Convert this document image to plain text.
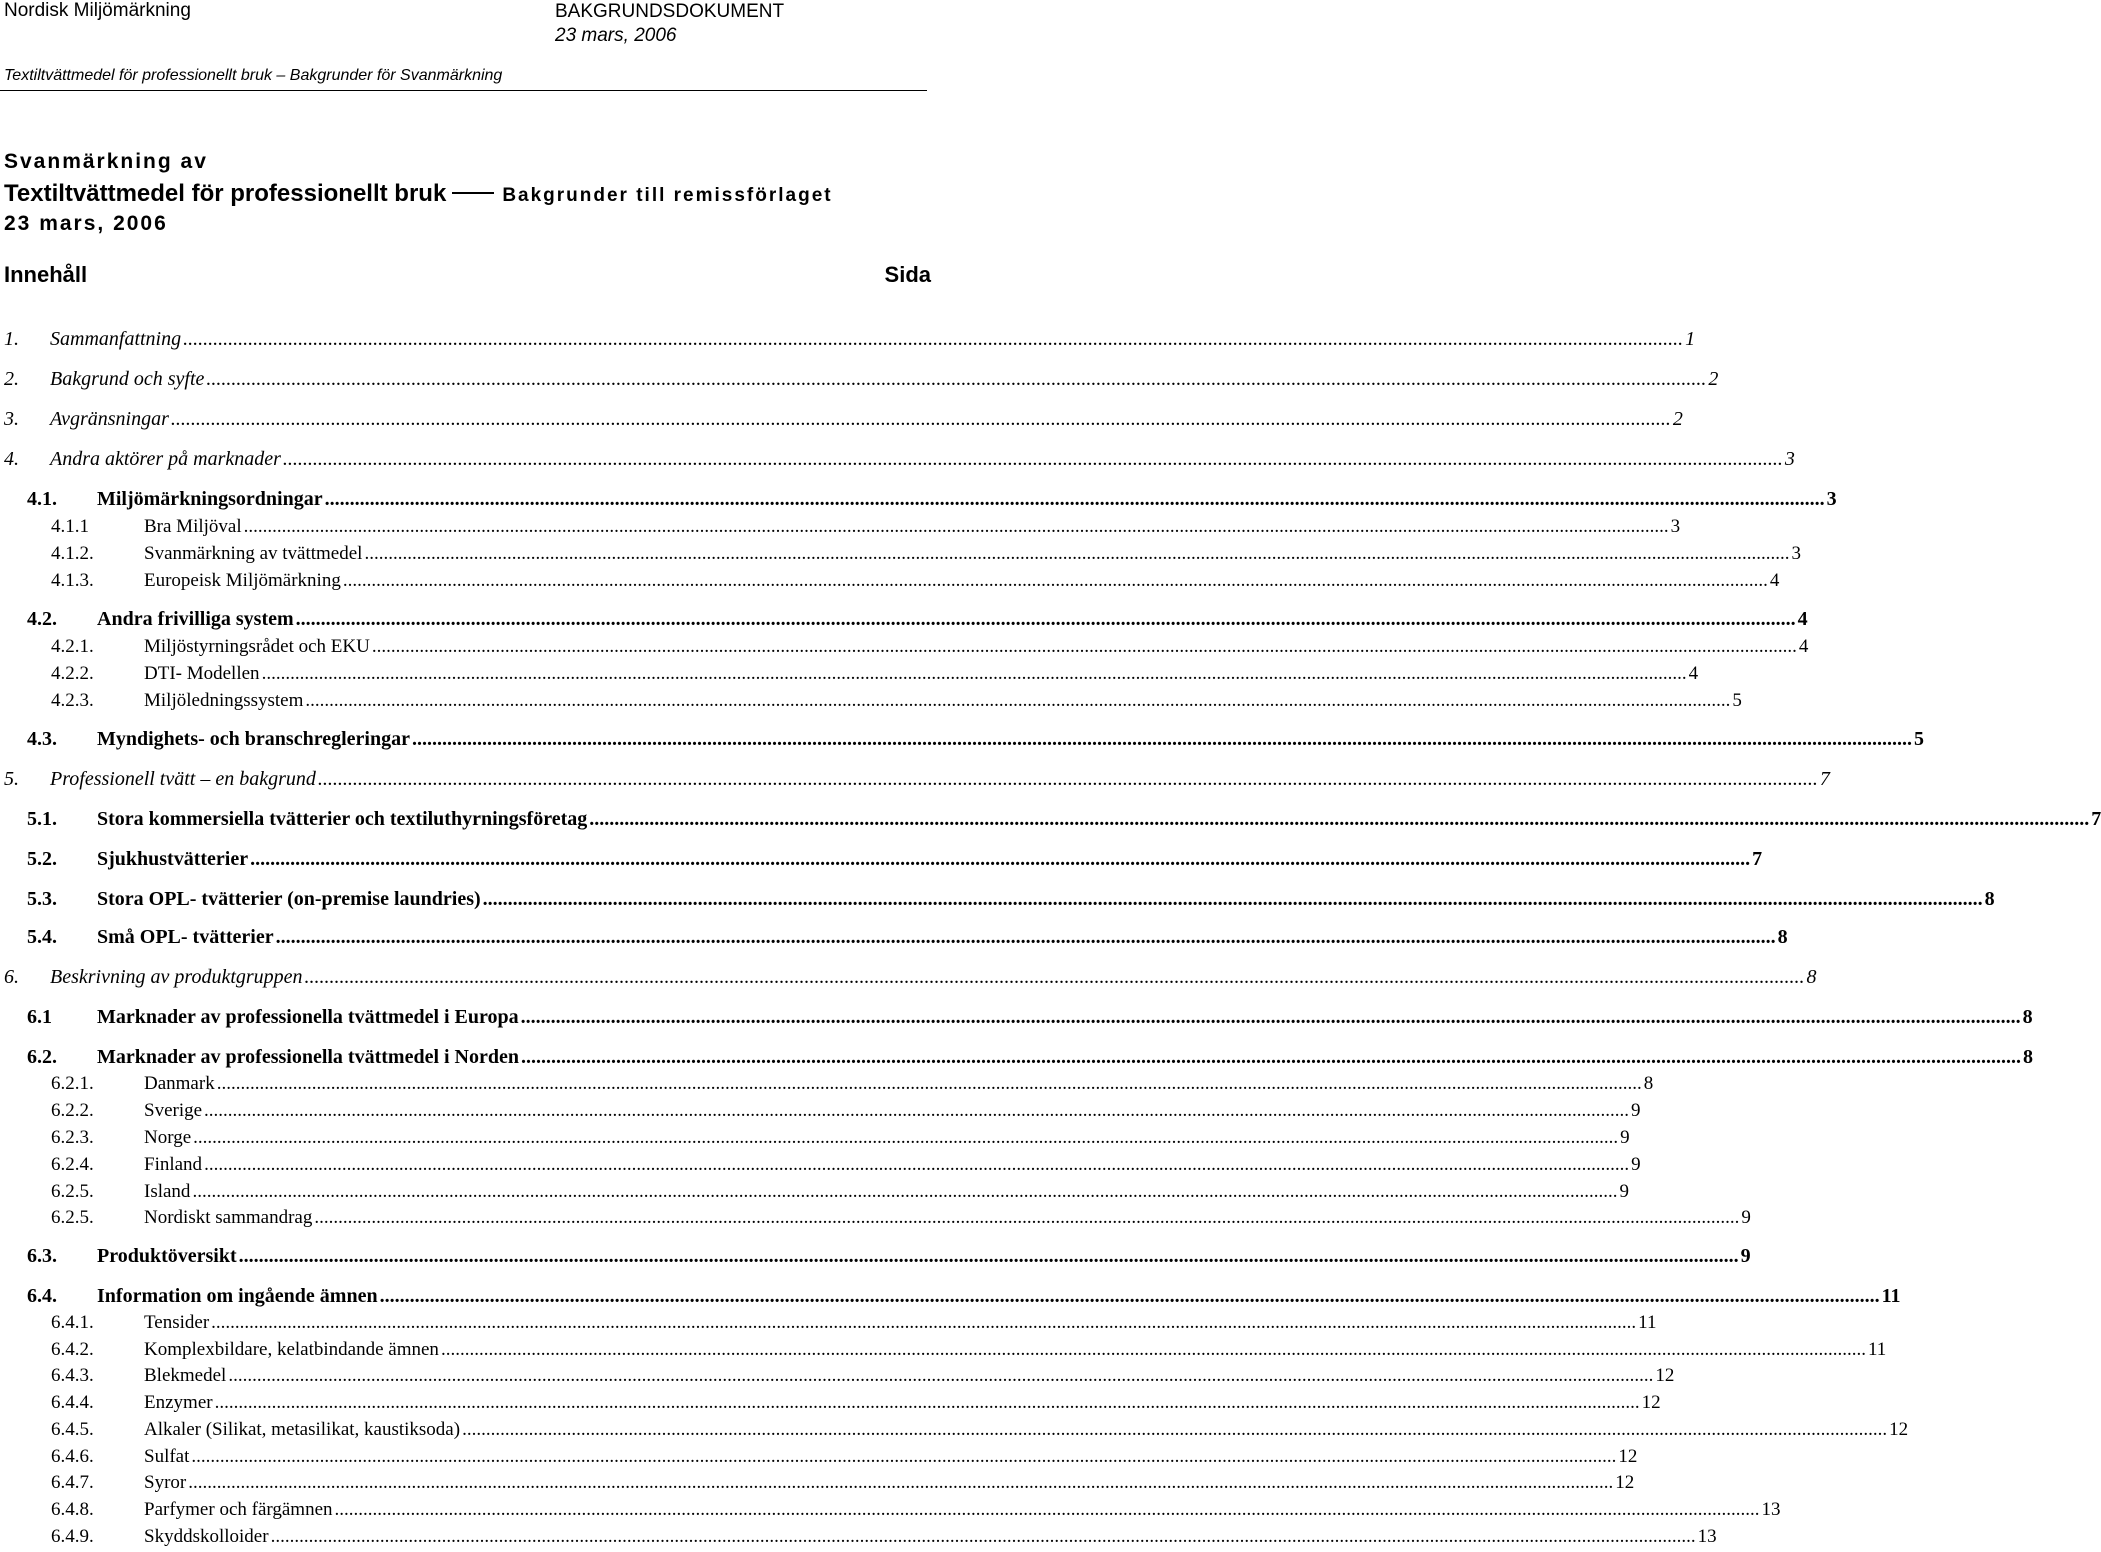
Nordisk Miljömärkning	BAKGRUNDSDOKUMENT
23 mars, 2006
Textiltvättmedel för professionellt bruk – Bakgrunder för Svanmärkning
Svanmärkning av
Textiltvättmedel för professionellt bruk	Bakgrunder till remissförlaget
23 mars, 2006
Innehåll	Sida
1. Sammanfattning ............................................................................................................................................................................................................................................................................................................ 1
2. Bakgrund och syfte ............................................................................................................................................................................................................................................................................................................ 2
3. Avgränsningar ............................................................................................................................................................................................................................................................................................................ 2
4. Andra aktörer på marknader ............................................................................................................................................................................................................................................................................................................ 3
4.1. Miljömärkningsordningar ............................................................................................................................................................................................................................................................................................................ 3
4.1.1	Bra Miljöval ............................................................................................................................................................................................................................................................................................................ 3
4.1.2.	Svanmärkning av tvättmedel ............................................................................................................................................................................................................................................................................................................ 3
4.1.3.	Europeisk Miljömärkning ............................................................................................................................................................................................................................................................................................................ 4
4.2. Andra frivilliga system ............................................................................................................................................................................................................................................................................................................ 4
4.2.1.	Miljöstyrningsrådet och EKU ............................................................................................................................................................................................................................................................................................................ 4
4.2.2.	DTI- Modellen ............................................................................................................................................................................................................................................................................................................ 4
4.2.3.	Miljöledningssystem ............................................................................................................................................................................................................................................................................................................ 5
4.3. Myndighets- och branschregleringar ............................................................................................................................................................................................................................................................................................................ 5
5. Professionell tvätt – en bakgrund ............................................................................................................................................................................................................................................................................................................ 7
5.1. Stora kommersiella tvätterier och textiluthyrningsföretag ............................................................................................................................................................................................................................................................................................................ 7
5.2. Sjukhustvätterier ............................................................................................................................................................................................................................................................................................................ 7
5.3. Stora OPL- tvätterier (on-premise laundries) ............................................................................................................................................................................................................................................................................................................ 8
5.4. Små OPL- tvätterier ............................................................................................................................................................................................................................................................................................................ 8
6. Beskrivning av produktgruppen ............................................................................................................................................................................................................................................................................................................ 8
6.1 Marknader av professionella tvättmedel i Europa ............................................................................................................................................................................................................................................................................................................ 8
6.2. Marknader av professionella tvättmedel i Norden ............................................................................................................................................................................................................................................................................................................ 8
6.2.1.	Danmark ............................................................................................................................................................................................................................................................................................................ 8
6.2.2.	Sverige ............................................................................................................................................................................................................................................................................................................ 9
6.2.3.	Norge ............................................................................................................................................................................................................................................................................................................ 9
6.2.4.	Finland ............................................................................................................................................................................................................................................................................................................ 9
6.2.5.	Island ............................................................................................................................................................................................................................................................................................................ 9
6.2.5.	Nordiskt sammandrag ............................................................................................................................................................................................................................................................................................................ 9
6.3. Produktöversikt ............................................................................................................................................................................................................................................................................................................ 9
6.4. Information om ingående ämnen ............................................................................................................................................................................................................................................................................................................ 11
6.4.1.	Tensider ............................................................................................................................................................................................................................................................................................................ 11
6.4.2.	Komplexbildare, kelatbindande ämnen ............................................................................................................................................................................................................................................................................................................ 11
6.4.3.	Blekmedel ............................................................................................................................................................................................................................................................................................................ 12
6.4.4.	Enzymer ............................................................................................................................................................................................................................................................................................................ 12
6.4.5.	Alkaler (Silikat, metasilikat, kaustiksoda) ............................................................................................................................................................................................................................................................................................................ 12
6.4.6.	Sulfat ............................................................................................................................................................................................................................................................................................................ 12
6.4.7.	Syror ............................................................................................................................................................................................................................................................................................................ 12
6.4.8.	Parfymer och färgämnen ............................................................................................................................................................................................................................................................................................................ 13
6.4.9.	Skyddskolloider ............................................................................................................................................................................................................................................................................................................ 13
